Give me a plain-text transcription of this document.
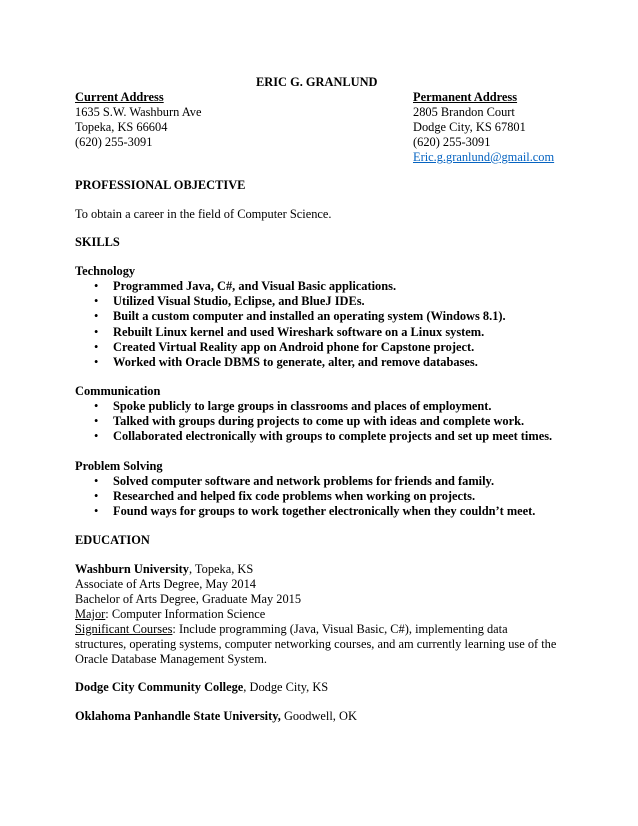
ERIC G. GRANLUND
Current Address
1635 S.W. Washburn Ave
Topeka, KS 66604
(620) 255-3091
Permanent Address
2805 Brandon Court
Dodge City, KS 67801
(620) 255-3091
Eric.g.granlund@gmail.com
PROFESSIONAL OBJECTIVE
To obtain a career in the field of Computer Science.
SKILLS
Technology
• Programmed Java, C#, and Visual Basic applications.
• Utilized Visual Studio, Eclipse, and BlueJ IDEs.
• Built a custom computer and installed an operating system (Windows 8.1).
• Rebuilt Linux kernel and used Wireshark software on a Linux system.
• Created Virtual Reality app on Android phone for Capstone project.
• Worked with Oracle DBMS to generate, alter, and remove databases.
Communication
• Spoke publicly to large groups in classrooms and places of employment.
• Talked with groups during projects to come up with ideas and complete work.
• Collaborated electronically with groups to complete projects and set up meet times.
Problem Solving
• Solved computer software and network problems for friends and family.
• Researched and helped fix code problems when working on projects.
• Found ways for groups to work together electronically when they couldn’t meet.
EDUCATION
Washburn University, Topeka, KS
Associate of Arts Degree, May 2014
Bachelor of Arts Degree, Graduate May 2015
Major: Computer Information Science
Significant Courses: Include programming (Java, Visual Basic, C#), implementing data
structures, operating systems, computer networking courses, and am currently learning use of the
Oracle Database Management System.
Dodge City Community College, Dodge City, KS
Oklahoma Panhandle State University, Goodwell, OK
